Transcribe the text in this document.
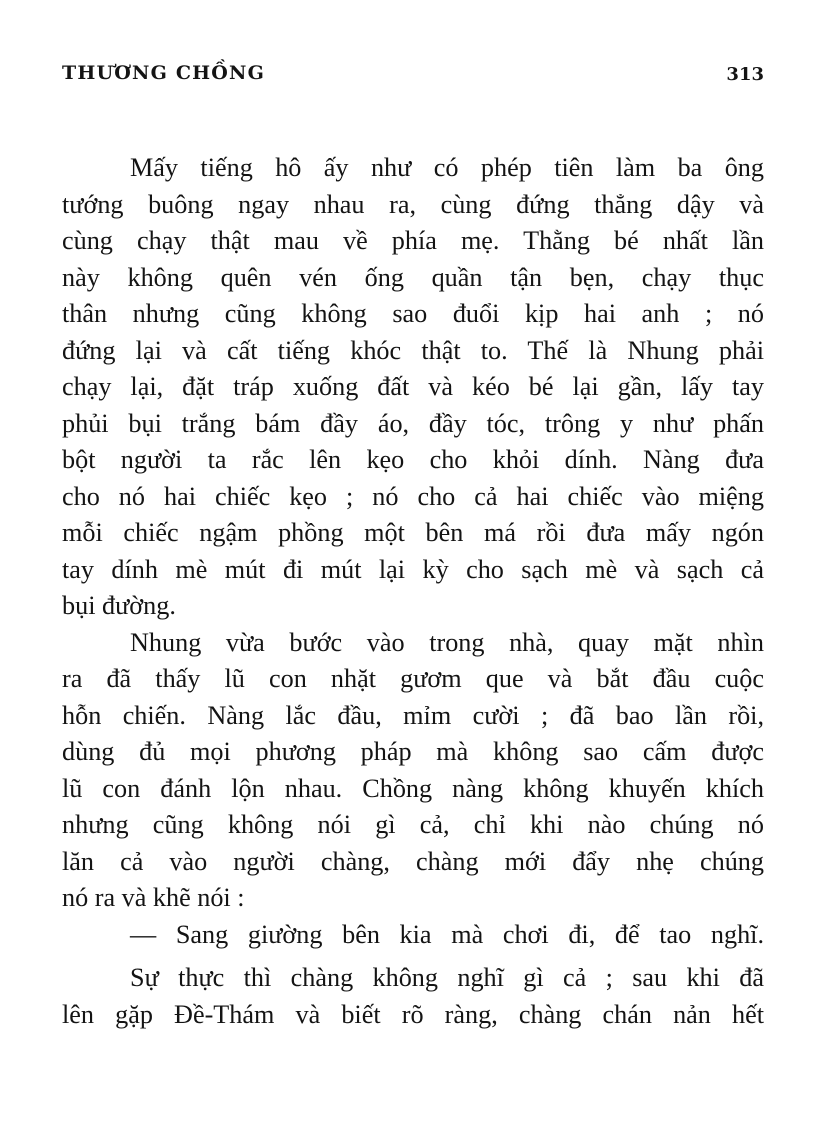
THƯƠNG CHỒNG	313

Mấy tiếng hô ấy như có phép tiên làm ba ông
tướng buông ngay nhau ra, cùng đứng thẳng dậy và
cùng chạy thật mau về phía mẹ. Thằng bé nhất lần
này không quên vén ống quần tận bẹn, chạy thục
thân nhưng cũng không sao đuổi kịp hai anh ; nó
đứng lại và cất tiếng khóc thật to. Thế là Nhung phải
chạy lại, đặt tráp xuống đất và kéo bé lại gần, lấy tay
phủi bụi trắng bám đầy áo, đầy tóc, trông y như phấn
bột người ta rắc lên kẹo cho khỏi dính. Nàng đưa
cho nó hai chiếc kẹo ; nó cho cả hai chiếc vào miệng
mỗi chiếc ngậm phồng một bên má rồi đưa mấy ngón
tay dính mè mút đi mút lại kỳ cho sạch mè và sạch cả
bụi đường.

Nhung vừa bước vào trong nhà, quay mặt nhìn
ra đã thấy lũ con nhặt gươm que và bắt đầu cuộc
hỗn chiến. Nàng lắc đầu, mỉm cười ; đã bao lần rồi,
dùng đủ mọi phương pháp mà không sao cấm được
lũ con đánh lộn nhau. Chồng nàng không khuyến khích
nhưng cũng không nói gì cả, chỉ khi nào chúng nó
lăn cả vào người chàng, chàng mới đẩy nhẹ chúng
nó ra và khẽ nói :

— Sang giường bên kia mà chơi đi, để tao nghĩ.

Sự thực thì chàng không nghĩ gì cả ; sau khi đã
lên gặp Đề-Thám và biết rõ ràng, chàng chán nản hết
